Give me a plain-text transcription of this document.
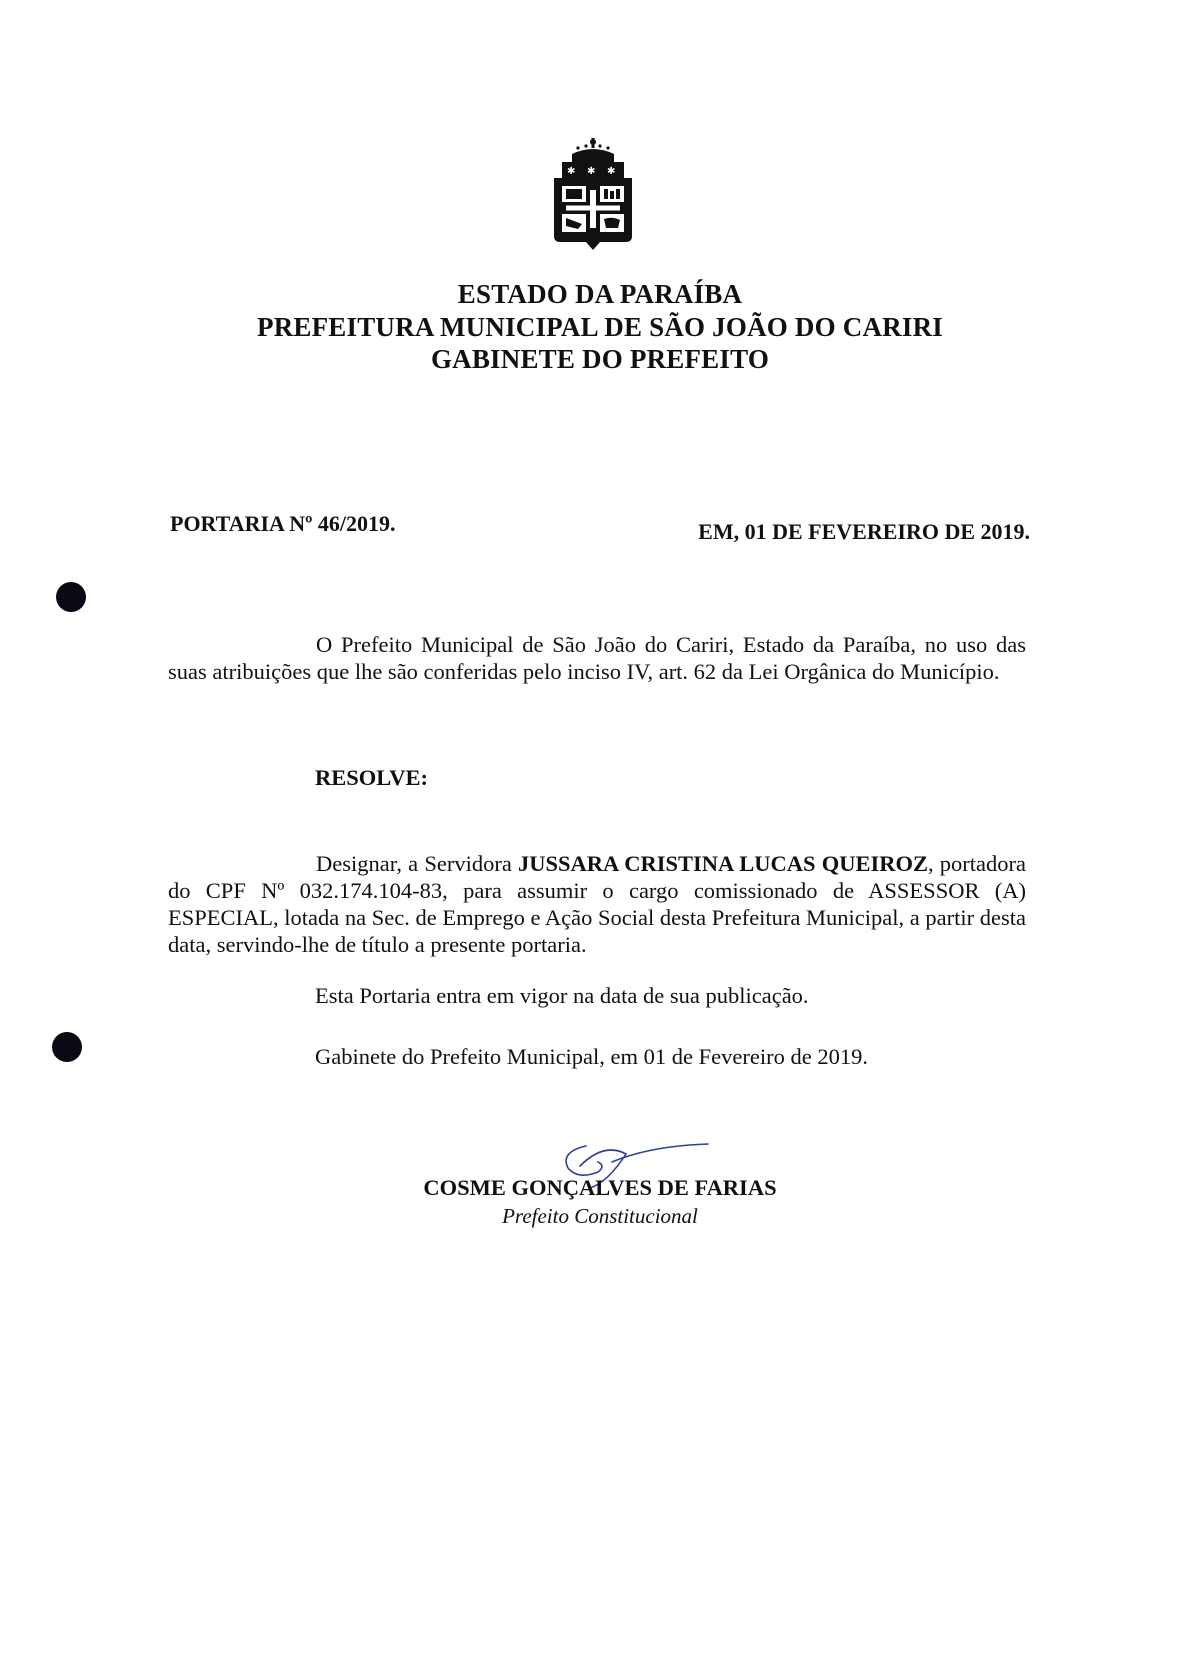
✱ ✱ ✱
ESTADO DA PARAÍBA
PREFEITURA MUNICIPAL DE SÃO JOÃO DO CARIRI
GABINETE DO PREFEITO
PORTARIA Nº 46/2019.	EM, 01 DE FEVEREIRO DE 2019.

O Prefeito Municipal de São João do Cariri, Estado da Paraíba, no uso das suas atribuições que lhe são conferidas pelo inciso IV, art. 62 da Lei Orgânica do Município.

RESOLVE:

Designar, a Servidora JUSSARA CRISTINA LUCAS QUEIROZ, portadora do CPF Nº 032.174.104-83, para assumir o cargo comissionado de ASSESSOR (A) ESPECIAL, lotada na Sec. de Emprego e Ação Social desta Prefeitura Municipal, a partir desta data, servindo-lhe de título a presente portaria.

Esta Portaria entra em vigor na data de sua publicação.
Gabinete do Prefeito Municipal, em 01 de Fevereiro de 2019.
COSME GONÇALVES DE FARIAS
Prefeito Constitucional
